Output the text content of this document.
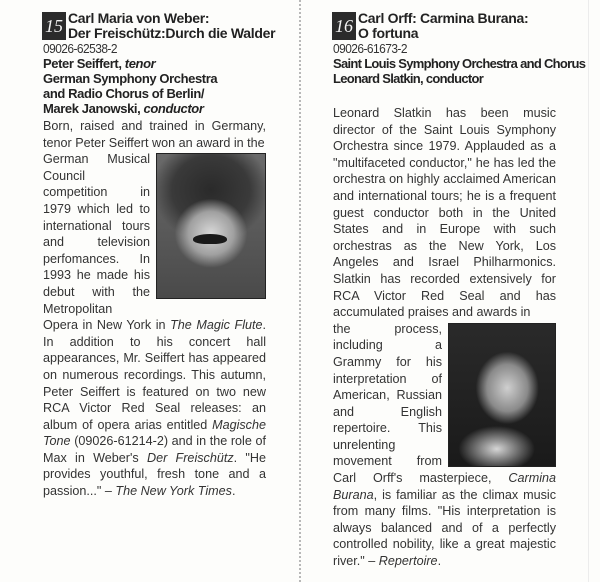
15 Carl Maria von Weber:
Der Freischütz:Durch die Walder
09026-62538-2
Peter Seiffert, tenor
German Symphony Orchestra
and Radio Chorus of Berlin/
Marek Janowski, conductor

Born, raised and trained in Germany, tenor Peter Seiffert won an award in the

German Musical Council competition in 1979 which led to international tours and television perfomances. In 1993 he made his debut with the Metropolitan Opera in New York in The Magic Flute. In addition to his concert hall appearances, Mr. Seiffert has appeared on numerous recordings. This autumn, Peter Seiffert is featured on two new RCA Victor Red Seal releases: an album of opera arias entitled Magische Tone (09026-61214-2) and in the role of Max in Weber's Der Freischütz. "He provides youthful, fresh tone and a passion..." – The New York Times.
16 Carl Orff: Carmina Burana:
O fortuna
09026-61673-2
Saint Louis Symphony Orchestra and Chorus
Leonard Slatkin, conductor

Leonard Slatkin has been music director of the Saint Louis Symphony Orchestra since 1979. Applauded as a "multifaceted conductor," he has led the orchestra on highly acclaimed American and international tours; he is a frequent guest conductor both in the United States and in Europe with such orchestras as the New York, Los Angeles and Israel Philharmonics. Slatkin has recorded extensively for RCA Victor Red Seal and has accumulated praises and awards in

the process, including a Grammy for his interpretation of American, Russian and English repertoire. This unrelenting movement from Carl Orff's masterpiece, Carmina Burana, is familiar as the climax music from many films. "His interpretation is always balanced and of a perfectly controlled nobility, like a great majestic river." – Repertoire.
